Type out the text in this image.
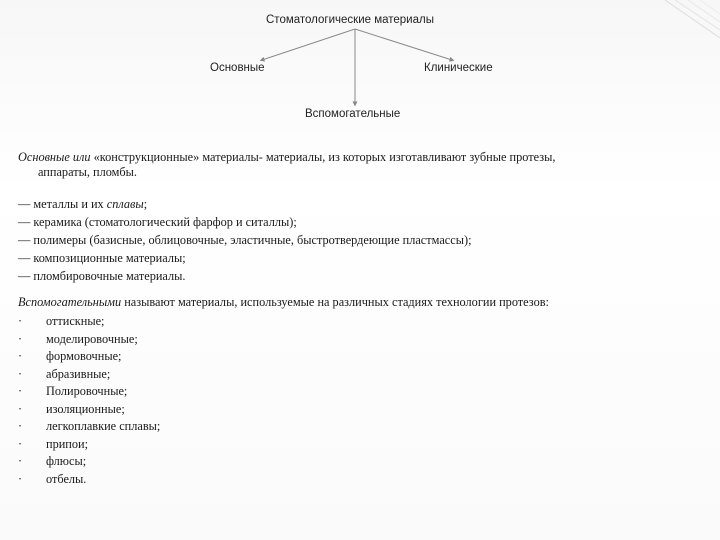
Стоматологические материалы
Основные	Клинические
Вспомогательные
Основные или «конструкционные» материалы- материалы, из которых изготавливают зубные протезы,
аппараты, пломбы.
— металлы и их сплавы;
— керамика (стоматологический фарфор и ситаллы);
— полимеры (базисные, облицовочные, эластичные, быстротвердеющие пластмассы);
— композиционные материалы;
— пломбировочные материалы.
Вспомогательными называют материалы, используемые на различных стадиях технологии протезов:
· оттискные;
· моделировочные;
· формовочные;
· абразивные;
· Полировочные;
· изоляционные;
· легкоплавкие сплавы;
· припои;
· флюсы;
· отбелы.
